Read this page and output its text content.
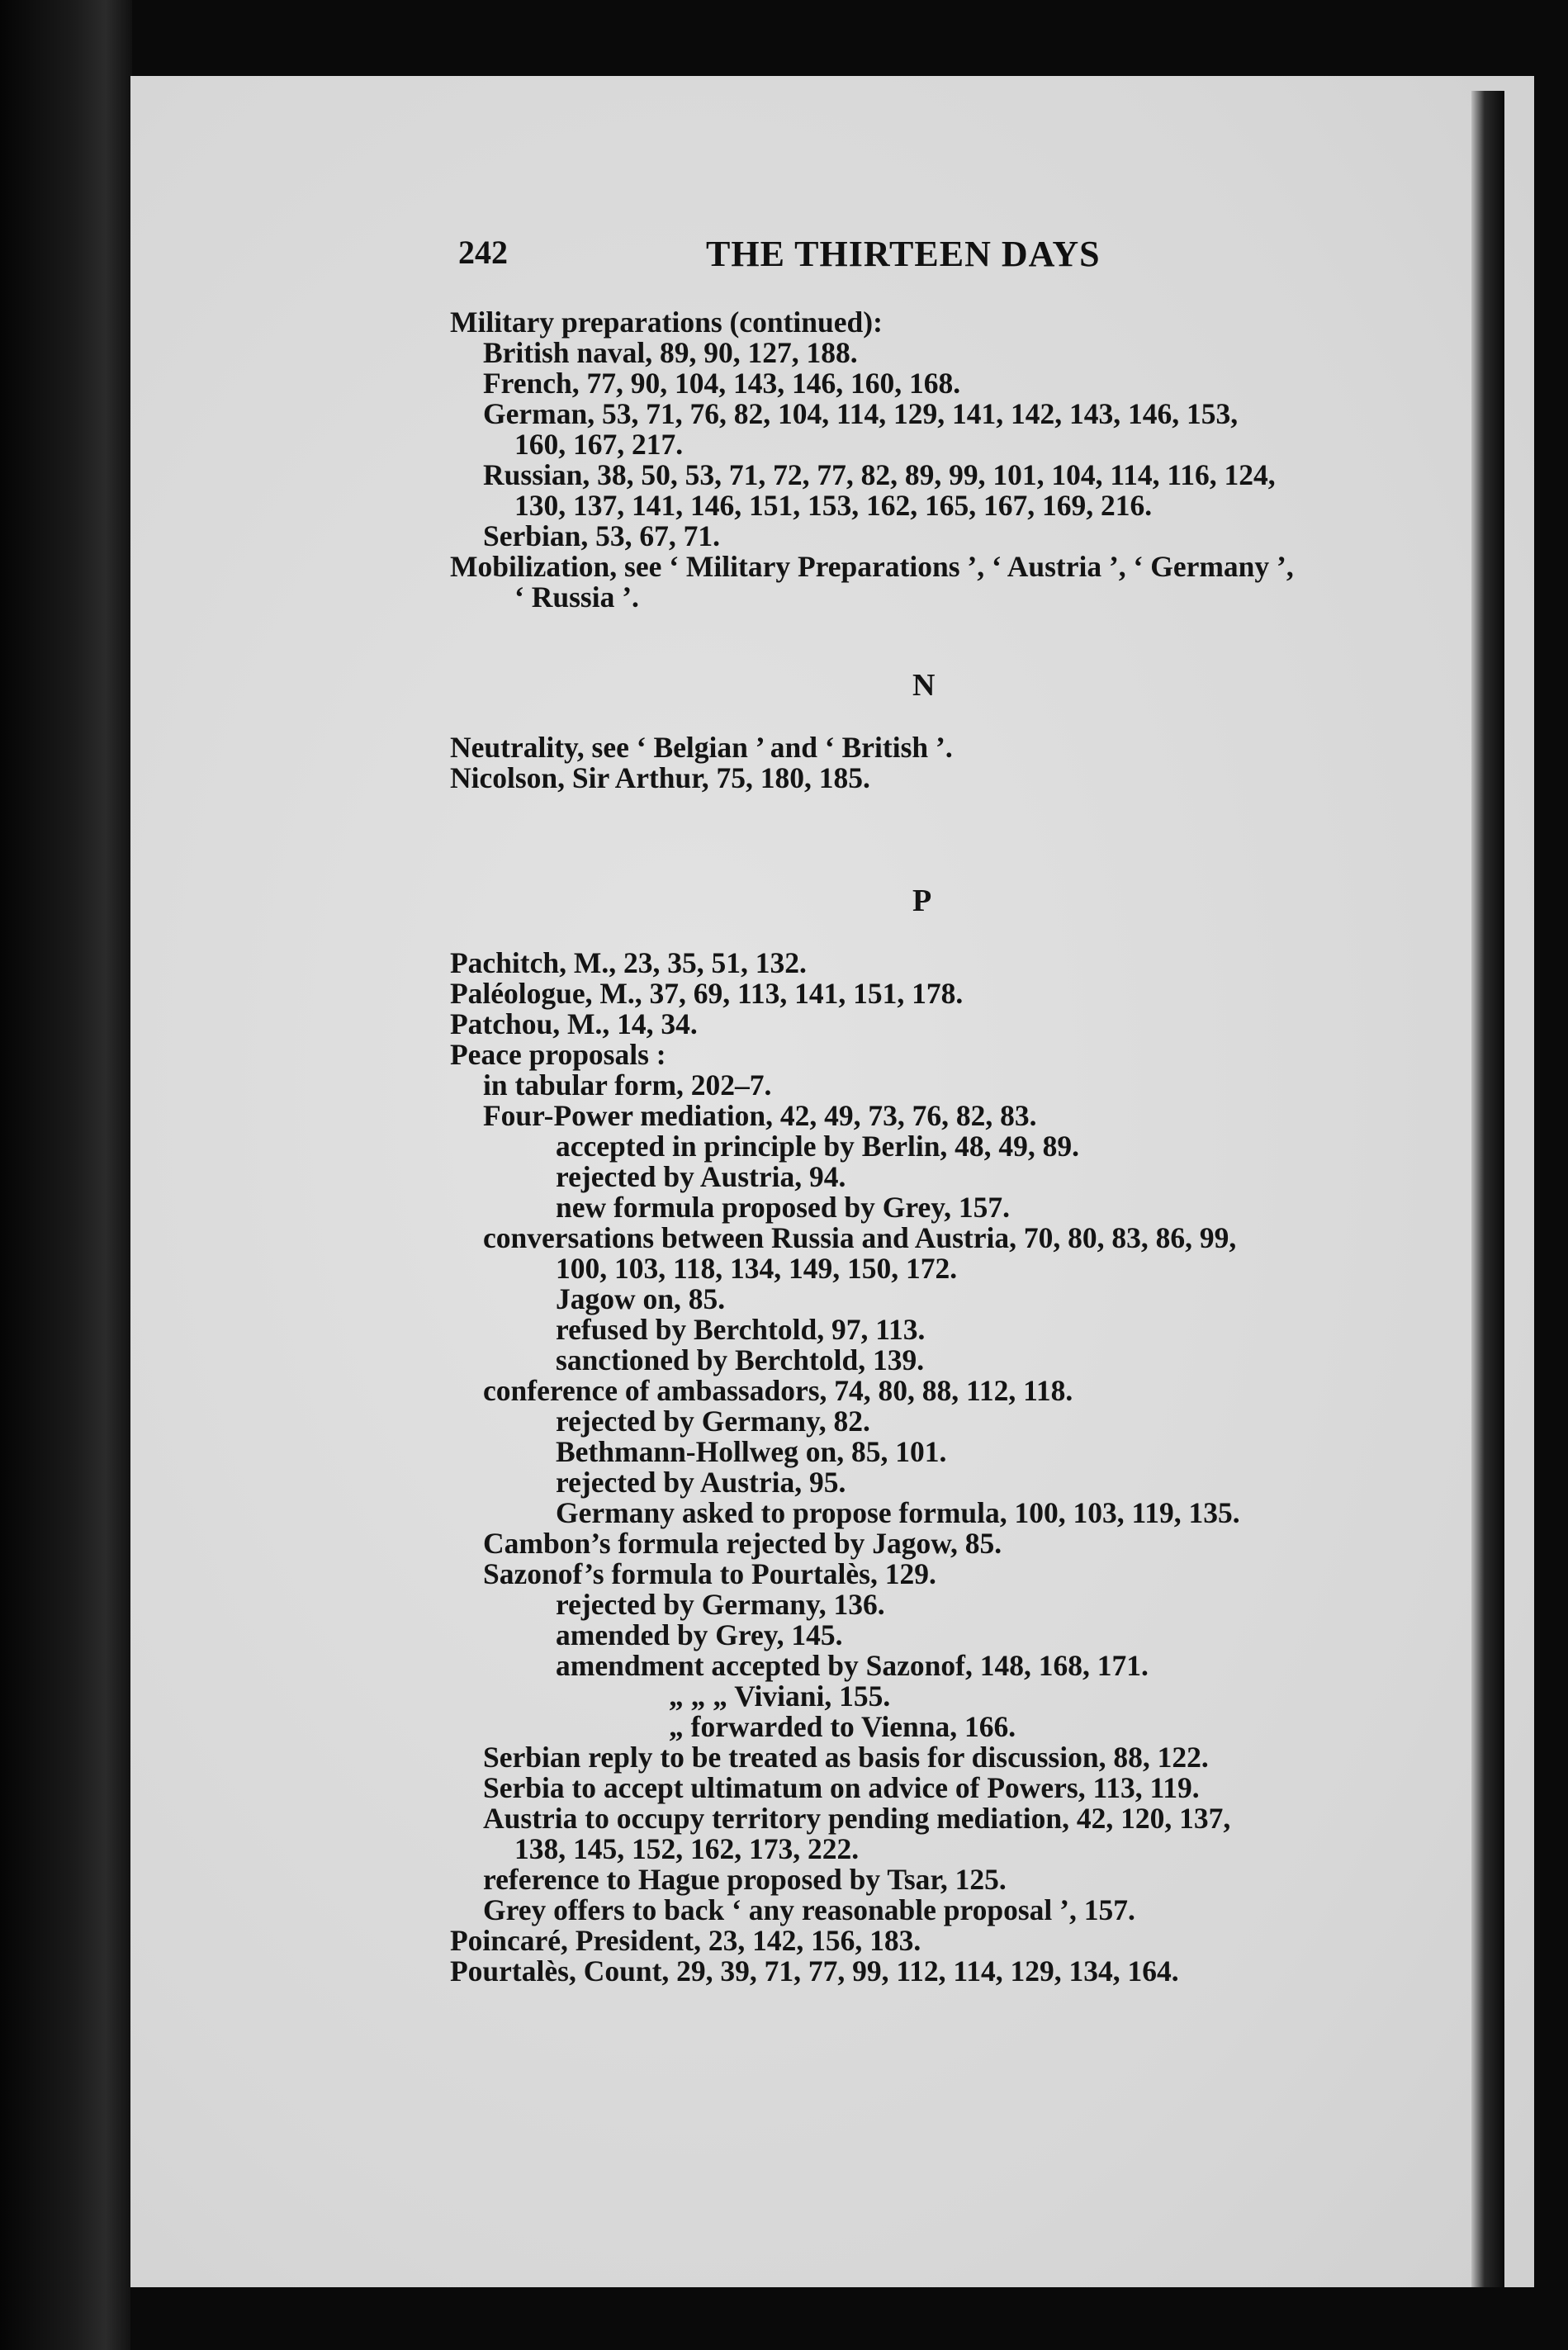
242	THE THIRTEEN DAYS
Military preparations (continued):
British naval, 89, 90, 127, 188.
French, 77, 90, 104, 143, 146, 160, 168.
German, 53, 71, 76, 82, 104, 114, 129, 141, 142, 143, 146, 153,
160, 167, 217.
Russian, 38, 50, 53, 71, 72, 77, 82, 89, 99, 101, 104, 114, 116, 124,
130, 137, 141, 146, 151, 153, 162, 165, 167, 169, 216.
Serbian, 53, 67, 71.
Mobilization, see ‘ Military Preparations ’, ‘ Austria ’, ‘ Germany ’,
‘ Russia ’.
N
Neutrality, see ‘ Belgian ’ and ‘ British ’.
Nicolson, Sir Arthur, 75, 180, 185.
P
Pachitch, M., 23, 35, 51, 132.
Paléologue, M., 37, 69, 113, 141, 151, 178.
Patchou, M., 14, 34.
Peace proposals :
in tabular form, 202–7.
Four-Power mediation, 42, 49, 73, 76, 82, 83.
accepted in principle by Berlin, 48, 49, 89.
rejected by Austria, 94.
new formula proposed by Grey, 157.
conversations between Russia and Austria, 70, 80, 83, 86, 99,
100, 103, 118, 134, 149, 150, 172.
Jagow on, 85.
refused by Berchtold, 97, 113.
sanctioned by Berchtold, 139.
conference of ambassadors, 74, 80, 88, 112, 118.
rejected by Germany, 82.
Bethmann-Hollweg on, 85, 101.
rejected by Austria, 95.
Germany asked to propose formula, 100, 103, 119, 135.
Cambon’s formula rejected by Jagow, 85.
Sazonof’s formula to Pourtalès, 129.
rejected by Germany, 136.
amended by Grey, 145.
amendment accepted by Sazonof, 148, 168, 171.
„ „ „ Viviani, 155.
„ forwarded to Vienna, 166.
Serbian reply to be treated as basis for discussion, 88, 122.
Serbia to accept ultimatum on advice of Powers, 113, 119.
Austria to occupy territory pending mediation, 42, 120, 137,
138, 145, 152, 162, 173, 222.
reference to Hague proposed by Tsar, 125.
Grey offers to back ‘ any reasonable proposal ’, 157.
Poincaré, President, 23, 142, 156, 183.
Pourtalès, Count, 29, 39, 71, 77, 99, 112, 114, 129, 134, 164.
